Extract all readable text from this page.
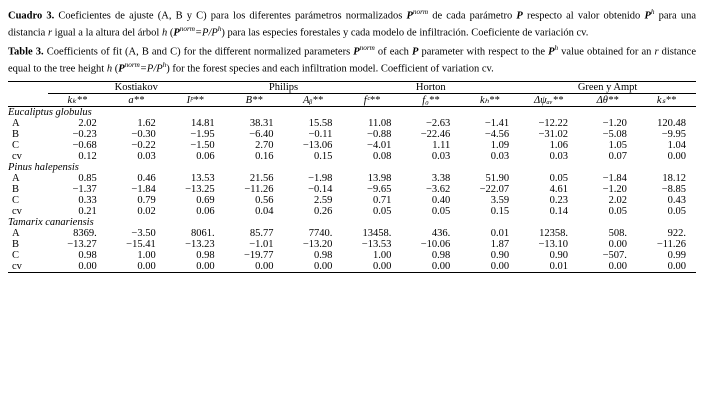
Cuadro 3. Coeficientes de ajuste (A, B y C) para los diferentes parámetros normalizados $P^{norm}$ de cada parámetro P respecto al valor obtenido $P^h$ para una distancia r igual a la altura del árbol h $(P^{norm}=P/P^h)$ para las especies forestales y cada modelo de infiltración. Coeficiente de variación cv.

Table 3. Coefficients of fit (A, B and C) for the different normalized parameters $P^{norm}$ of each P parameter with respect to the $P^h$ value obtained for an r distance equal to the tree height h $(P^{norm}=P/P^h)$ for the forest species and each infiltration model. Coefficient of variation cv.

	Kostiakov			Philips		Horton			Green y Ampt		
	kₖ**	a**	Iᵖ**	B**	Aᵦ**	fᶜ**	f₀**	kₕ**	Δψₐᵥ**	Δθ**	kₛ**
Eucaliptus globulus											
A	2.02	1.62	14.81	38.31	15.58	11.08	−2.63	−1.41	−12.22	−1.20	120.48
B	−0.23	−0.30	−1.95	−6.40	−0.11	−0.88	−22.46	−4.56	−31.02	−5.08	−9.95
C	−0.68	−0.22	−1.50	2.70	−13.06	−4.01	1.11	1.09	1.06	1.05	1.04
cv	0.12	0.03	0.06	0.16	0.15	0.08	0.03	0.03	0.03	0.07	0.00
Pinus halepensis											
A	0.85	0.46	13.53	21.56	−1.98	13.98	3.38	51.90	0.05	−1.84	18.12
B	−1.37	−1.84	−13.25	−11.26	−0.14	−9.65	−3.62	−22.07	4.61	−1.20	−8.85
C	0.33	0.79	0.69	0.56	2.59	0.71	0.40	3.59	0.23	2.02	0.43
cv	0.21	0.02	0.06	0.04	0.26	0.05	0.05	0.15	0.14	0.05	0.05
Tamarix canariensis											
A	8369.	−3.50	8061.	85.77	7740.	13458.	436.	0.01	12358.	508.	922.
B	−13.27	−15.41	−13.23	−1.01	−13.20	−13.53	−10.06	1.87	−13.10	0.00	−11.26
C	0.98	1.00	0.98	−19.77	0.98	1.00	0.98	0.90	0.90	−507.	0.99
cv	0.00	0.00	0.00	0.00	0.00	0.00	0.00	0.00	0.01	0.00	0.00
